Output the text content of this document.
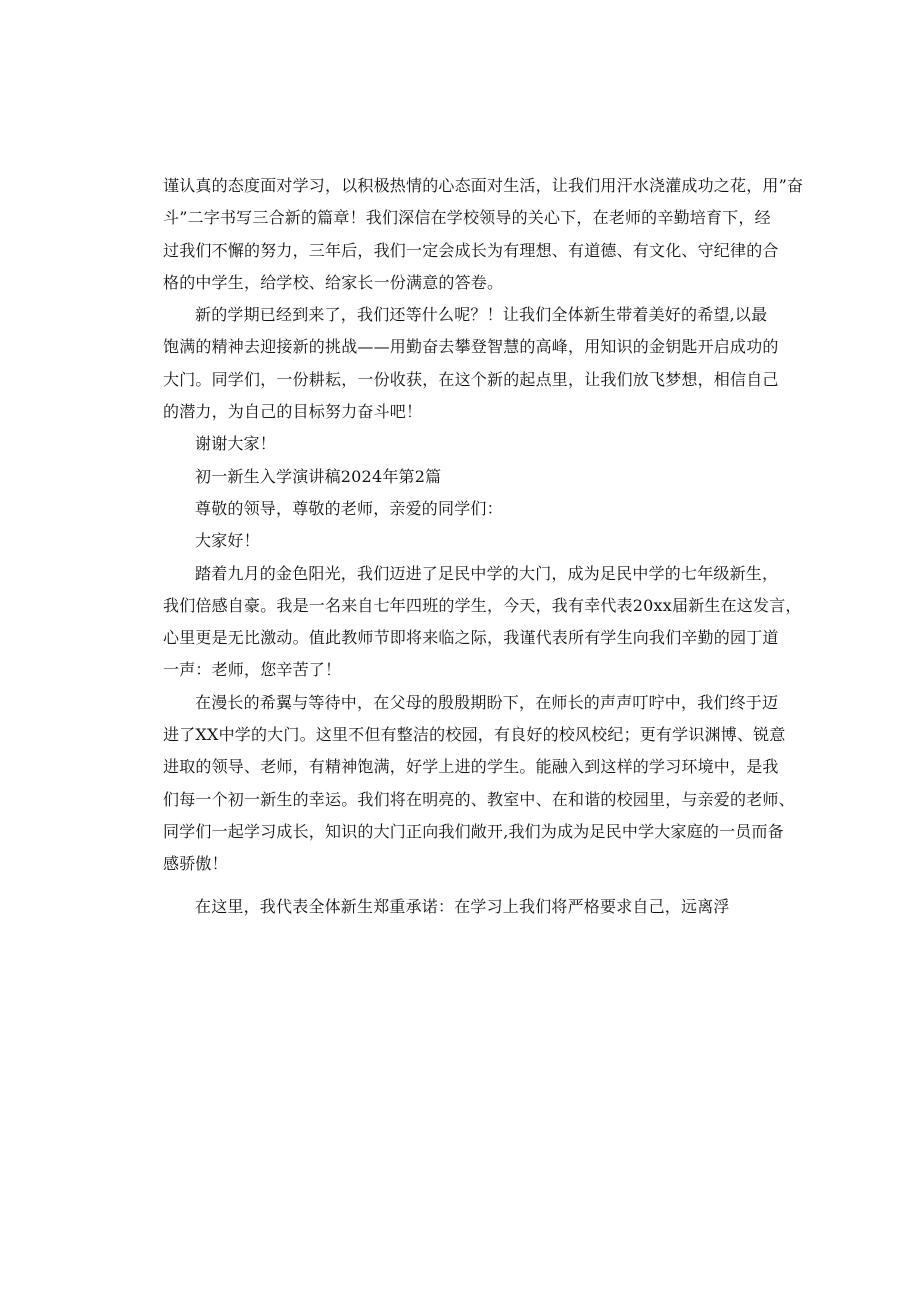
谨认真的态度面对学习，以积极热情的心态面对生活，让我们用汗水浇灌成功之花，用”奋
斗”二字书写三合新的篇章！我们深信在学校领导的关心下，在老师的辛勤培育下，经
过我们不懈的努力，三年后，我们一定会成长为有理想、有道德、有文化、守纪律的合
格的中学生，给学校、给家长一份满意的答卷。
新的学期已经到来了，我们还等什么呢？！让我们全体新生带着美好的希望,以最
饱满的精神去迎接新的挑战——用勤奋去攀登智慧的高峰，用知识的金钥匙开启成功的
大门。同学们，一份耕耘，一份收获，在这个新的起点里，让我们放飞梦想，相信自己
的潜力，为自己的目标努力奋斗吧！
谢谢大家！
初一新生入学演讲稿2024年第2篇
尊敬的领导，尊敬的老师，亲爱的同学们：
大家好！
踏着九月的金色阳光，我们迈进了足民中学的大门，成为足民中学的七年级新生，
我们倍感自豪。我是一名来自七年四班的学生，今天，我有幸代表20xx届新生在这发言，
心里更是无比激动。值此教师节即将来临之际，我谨代表所有学生向我们辛勤的园丁道
一声：老师，您辛苦了！
在漫长的希翼与等待中，在父母的殷殷期盼下，在师长的声声叮咛中，我们终于迈
进了XX中学的大门。这里不但有整洁的校园，有良好的校风校纪；更有学识渊博、锐意
进取的领导、老师，有精神饱满，好学上进的学生。能融入到这样的学习环境中，是我
们每一个初一新生的幸运。我们将在明亮的、教室中、在和谐的校园里，与亲爱的老师、
同学们一起学习成长，知识的大门正向我们敞开,我们为成为足民中学大家庭的一员而备
感骄傲！
在这里，我代表全体新生郑重承诺：在学习上我们将严格要求自己，远离浮
